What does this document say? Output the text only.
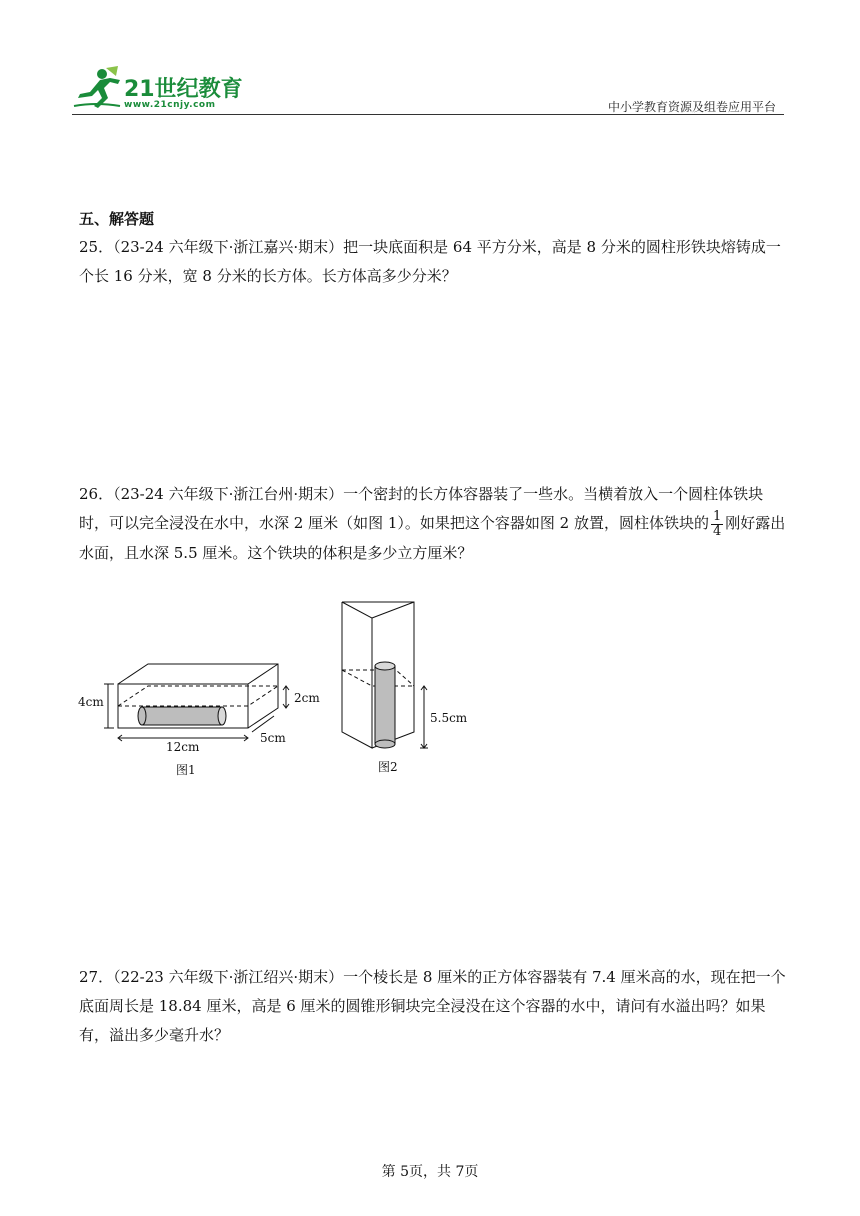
21世纪教育
www.21cnjy.com	中小学教育资源及组卷应用平台
五、解答题
25．（23-24 六年级下·浙江嘉兴·期末）把一块底面积是 64 平方分米，高是 8 分米的圆柱形铁块熔铸成一个长 16 分米，宽 8 分米的长方体。长方体高多少分米？
26．（23-24 六年级下·浙江台州·期末）一个密封的长方体容器装了一些水。当横着放入一个圆柱体铁块时，可以完全浸没在水中，水深 2 厘米（如图 1）。如果把这个容器如图 2 放置，圆柱体铁块的 $\frac{1}{4}$ 刚好露出水面，且水深 5.5 厘米。这个铁块的体积是多少立方厘米？
4cm	2cm
12cm
5cm
图1
5.5cm
图2
27．（22-23 六年级下·浙江绍兴·期末）一个棱长是 8 厘米的正方体容器装有 7.4 厘米高的水，现在把一个底面周长是 18.84 厘米，高是 6 厘米的圆锥形铜块完全浸没在这个容器的水中，请问有水溢出吗？如果有，溢出多少毫升水？
第 5页，共 7页
